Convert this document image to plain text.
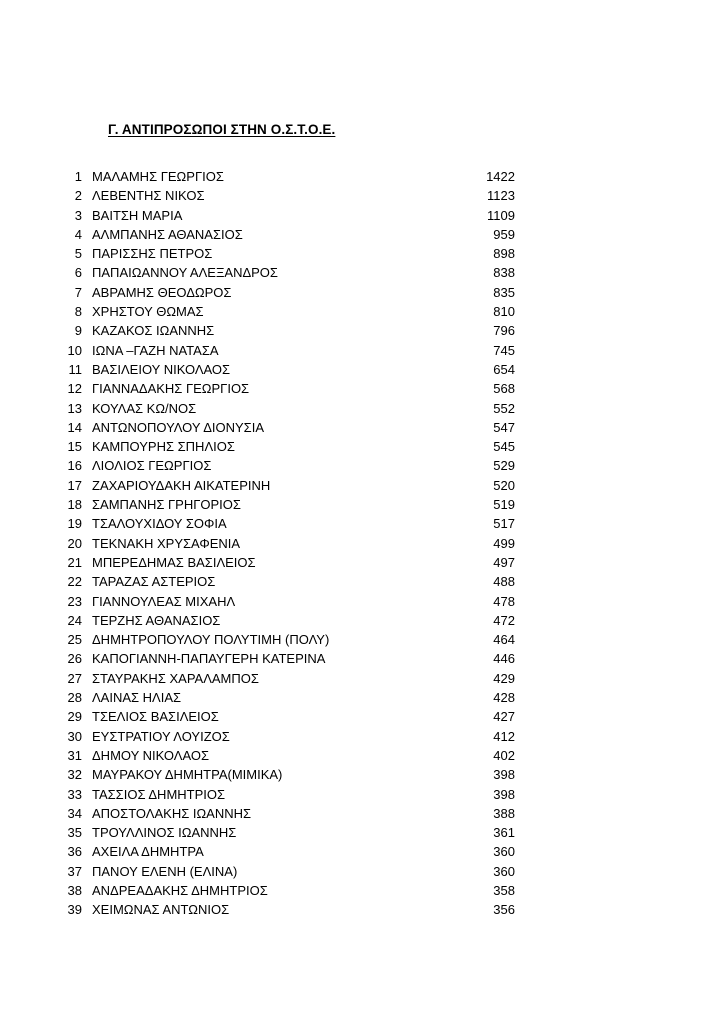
Γ. ΑΝΤΙΠΡΟΣΩΠΟΙ ΣΤΗΝ Ο.Σ.Τ.Ο.Ε.
1 ΜΑΛΑΜΗΣ ΓΕΩΡΓΙΟΣ	1422
2 ΛΕΒΕΝΤΗΣ ΝΙΚΟΣ	1123
3 ΒΑΙΤΣΗ ΜΑΡΙΑ	1109
4 ΑΛΜΠΑΝΗΣ ΑΘΑΝΑΣΙΟΣ	959
5 ΠΑΡΙΣΣΗΣ ΠΕΤΡΟΣ	898
6 ΠΑΠΑΙΩΑΝΝΟΥ ΑΛΕΞΑΝΔΡΟΣ	838
7 ΑΒΡΑΜΗΣ ΘΕΟΔΩΡΟΣ	835
8 ΧΡΗΣΤΟΥ ΘΩΜΑΣ	810
9 ΚΑΖΑΚΟΣ ΙΩΑΝΝΗΣ	796
10 ΙΩΝΑ –ΓΑΖΗ ΝΑΤΑΣΑ	745
11 ΒΑΣΙΛΕΙΟΥ ΝΙΚΟΛΑΟΣ	654
12 ΓΙΑΝΝΑΔΑΚΗΣ ΓΕΩΡΓΙΟΣ	568
13 ΚΟΥΛΑΣ ΚΩ/ΝΟΣ	552
14 ΑΝΤΩΝΟΠΟΥΛΟΥ ΔΙΟΝΥΣΙΑ	547
15 ΚΑΜΠΟΥΡΗΣ ΣΠΗΛΙΟΣ	545
16 ΛΙΟΛΙΟΣ ΓΕΩΡΓΙΟΣ	529
17 ΖΑΧΑΡΙΟΥΔΑΚΗ ΑΙΚΑΤΕΡΙΝΗ	520
18 ΣΑΜΠΑΝΗΣ ΓΡΗΓΟΡΙΟΣ	519
19 ΤΣΑΛΟΥΧΙΔΟΥ ΣΟΦΙΑ	517
20 ΤΕΚΝΑΚΗ ΧΡΥΣΑΦΕΝΙΑ	499
21 ΜΠΕΡΕΔΗΜΑΣ ΒΑΣΙΛΕΙΟΣ	497
22 ΤΑΡΑΖΑΣ ΑΣΤΕΡΙΟΣ	488
23 ΓΙΑΝΝΟΥΛΕΑΣ ΜΙΧΑΗΛ	478
24 ΤΕΡΖΗΣ ΑΘΑΝΑΣΙΟΣ	472
25 ΔΗΜΗΤΡΟΠΟΥΛΟΥ ΠΟΛΥΤΙΜΗ (ΠΟΛΥ)	464
26 ΚΑΠΟΓΙΑΝΝΗ-ΠΑΠΑΥΓΕΡΗ ΚΑΤΕΡΙΝΑ	446
27 ΣΤΑΥΡΑΚΗΣ ΧΑΡΑΛΑΜΠΟΣ	429
28 ΛΑΙΝΑΣ ΗΛΙΑΣ	428
29 ΤΣΕΛΙΟΣ ΒΑΣΙΛΕΙΟΣ	427
30 ΕΥΣΤΡΑΤΙΟΥ ΛΟΥΙΖΟΣ	412
31 ΔΗΜΟΥ ΝΙΚΟΛΑΟΣ	402
32 ΜΑΥΡΑΚΟΥ ΔΗΜΗΤΡΑ(ΜΙΜΙΚΑ)	398
33 ΤΑΣΣΙΟΣ ΔΗΜΗΤΡΙΟΣ	398
34 ΑΠΟΣΤΟΛΑΚΗΣ ΙΩΑΝΝΗΣ	388
35 ΤΡΟΥΛΛΙΝΟΣ ΙΩΑΝΝΗΣ	361
36 ΑΧΕΙΛΑ ΔΗΜΗΤΡΑ	360
37 ΠΑΝΟΥ ΕΛΕΝΗ (ΕΛΙΝΑ)	360
38 ΑΝΔΡΕΑΔΑΚΗΣ ΔΗΜΗΤΡΙΟΣ	358
39 ΧΕΙΜΩΝΑΣ ΑΝΤΩΝΙΟΣ	356
